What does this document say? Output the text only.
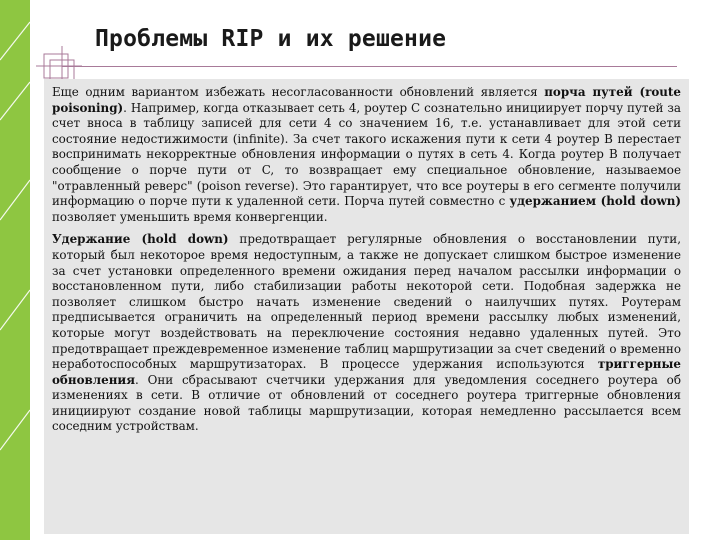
Проблемы RIP и их решение

Еще одним вариантом избежать несогласованности обновлений является порча путей (route poisoning). Например, когда отказывает сеть 4, роутер C сознательно инициирует порчу путей за счет вноса в таблицу записей для сети 4 со значением 16, т.е. устанавливает для этой сети состояние недостижимости (infinite). За счет такого искажения пути к сети 4 роутер B перестает воспринимать некорректные обновления информации о путях в сеть 4. Когда роутер B получает сообщение о порче пути от C, то возвращает ему специальное обновление, называемое "отравленный реверс" (poison reverse). Это гарантирует, что все роутеры в его сегменте получили информацию о порче пути к удаленной сети. Порча путей совместно с удержанием (hold down) позволяет уменьшить время конвергенции.

Удержание (hold down) предотвращает регулярные обновления о восстановлении пути, который был некоторое время недоступным, а также не допускает слишком быстрое изменение за счет установки определенного времени ожидания перед началом рассылки информации о восстановленном пути, либо стабилизации работы некоторой сети. Подобная задержка не позволяет слишком быстро начать изменение сведений о наилучших путях. Роутерам предписывается ограничить на определенный период времени рассылку любых изменений, которые могут воздействовать на переключение состояния недавно удаленных путей. Это предотвращает преждевременное изменение таблиц маршрутизации за счет сведений о временно неработоспособных маршрутизаторах. В процессе удержания используются триггерные обновления. Они сбрасывают счетчики удержания для уведомления соседнего роутера об изменениях в сети. В отличие от обновлений от соседнего роутера триггерные обновления инициируют создание новой таблицы маршрутизации, которая немедленно рассылается всем соседним устройствам.
